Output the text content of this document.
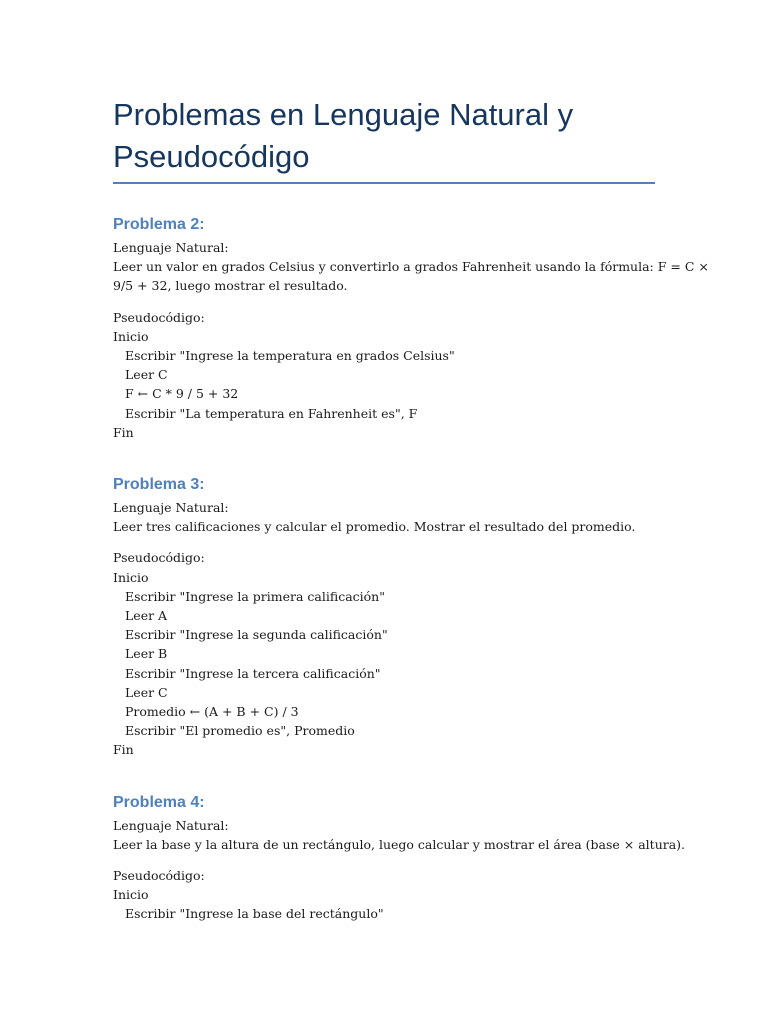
Problemas en Lenguaje Natural y Pseudocódigo
Problema 2:

Lenguaje Natural:

Leer un valor en grados Celsius y convertirlo a grados Fahrenheit usando la fórmula: F = C ×

9/5 + 32, luego mostrar el resultado.

Pseudocódigo:

Inicio

Escribir "Ingrese la temperatura en grados Celsius"

Leer C

F ← C * 9 / 5 + 32

Escribir "La temperatura en Fahrenheit es", F

Fin

Problema 3:

Lenguaje Natural:

Leer tres calificaciones y calcular el promedio. Mostrar el resultado del promedio.

Pseudocódigo:

Inicio

Escribir "Ingrese la primera calificación"

Leer A

Escribir "Ingrese la segunda calificación"

Leer B

Escribir "Ingrese la tercera calificación"

Leer C

Promedio ← (A + B + C) / 3

Escribir "El promedio es", Promedio

Fin

Problema 4:

Lenguaje Natural:

Leer la base y la altura de un rectángulo, luego calcular y mostrar el área (base × altura).

Pseudocódigo:

Inicio

Escribir "Ingrese la base del rectángulo"
